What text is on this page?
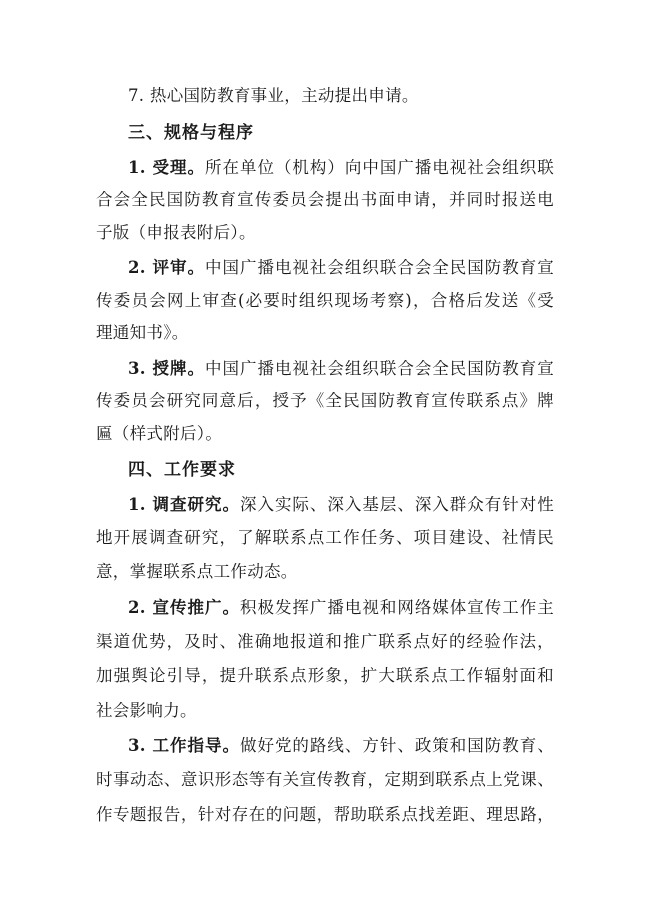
7. 热心国防教育事业，主动提出申请。
三、规格与程序
1. 受理。所在单位（机构）向中国广播电视社会组织联
合会全民国防教育宣传委员会提出书面申请，并同时报送电
子版（申报表附后）。
2. 评审。中国广播电视社会组织联合会全民国防教育宣
传委员会网上审查(必要时组织现场考察)，合格后发送《受
理通知书》。
3. 授牌。中国广播电视社会组织联合会全民国防教育宣
传委员会研究同意后，授予《全民国防教育宣传联系点》牌
匾（样式附后）。
四、工作要求
1. 调查研究。深入实际、深入基层、深入群众有针对性
地开展调查研究，了解联系点工作任务、项目建设、社情民
意，掌握联系点工作动态。
2. 宣传推广。积极发挥广播电视和网络媒体宣传工作主
渠道优势，及时、准确地报道和推广联系点好的经验作法，
加强舆论引导，提升联系点形象，扩大联系点工作辐射面和
社会影响力。
3. 工作指导。做好党的路线、方针、政策和国防教育、
时事动态、意识形态等有关宣传教育，定期到联系点上党课、
作专题报告，针对存在的问题，帮助联系点找差距、理思路，
